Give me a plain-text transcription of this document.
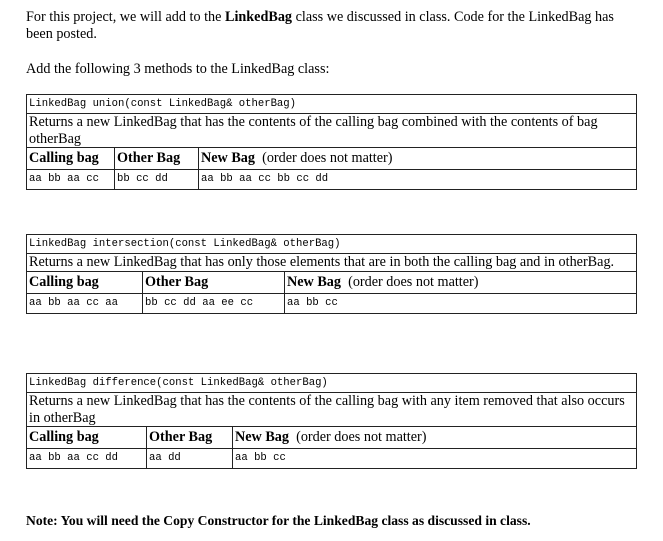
For this project, we will add to the LinkedBag class we discussed in class. Code for the LinkedBag has been posted.
Add the following 3 methods to the LinkedBag class:
LinkedBag union(const LinkedBag& otherBag)		
Returns a new LinkedBag that has the contents of the calling bag combined with the contents of bag otherBag		
Calling bag	Other Bag	New Bag (order does not matter)
aa bb aa cc	bb cc dd	aa bb aa cc bb cc dd
LinkedBag intersection(const LinkedBag& otherBag)		
Returns a new LinkedBag that has only those elements that are in both the calling bag and in otherBag.		
Calling bag	Other Bag	New Bag (order does not matter)
aa bb aa cc aa	bb cc dd aa ee cc	aa bb cc
LinkedBag difference(const LinkedBag& otherBag)		
Returns a new LinkedBag that has the contents of the calling bag with any item removed that also occurs in otherBag		
Calling bag	Other Bag	New Bag (order does not matter)
aa bb aa cc dd	aa dd	aa bb cc
Note: You will need the Copy Constructor for the LinkedBag class as discussed in class.
